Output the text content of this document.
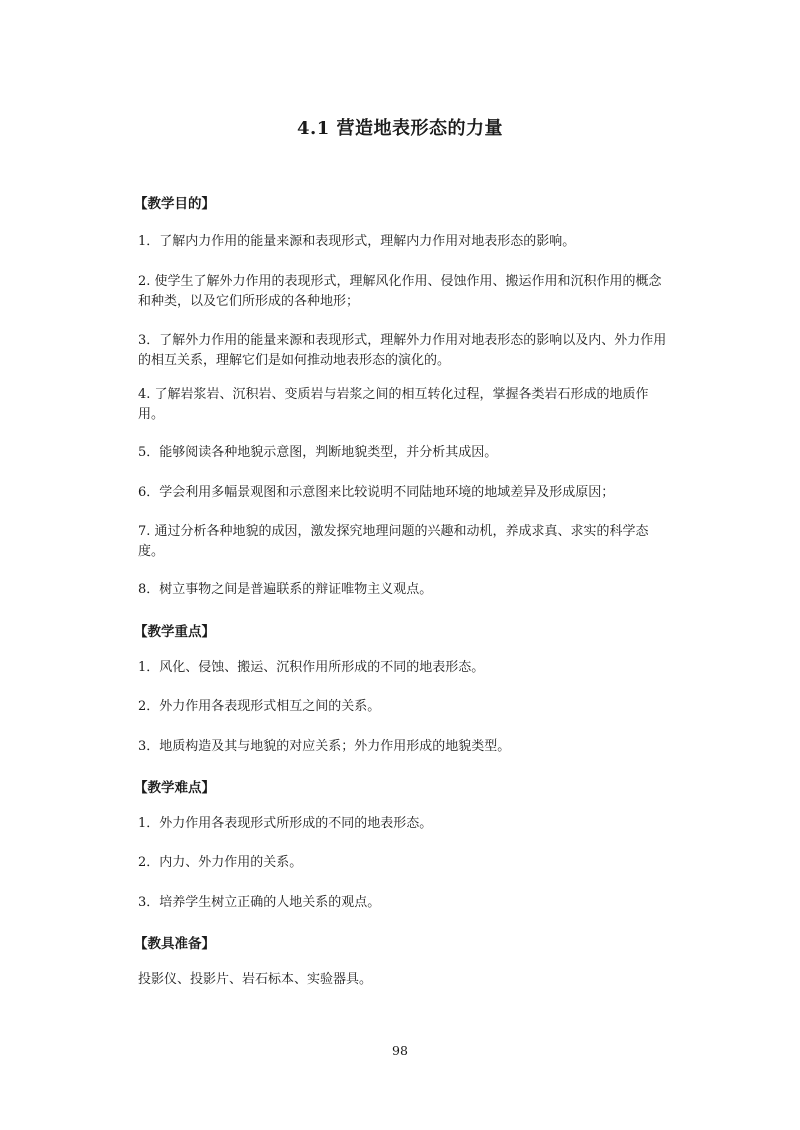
4.1 营造地表形态的力量
【教学目的】
1．了解内力作用的能量来源和表现形式，理解内力作用对地表形态的影响。
2. 使学生了解外力作用的表现形式，理解风化作用、侵蚀作用、搬运作用和沉积作用的概念和种类，以及它们所形成的各种地形；
3．了解外力作用的能量来源和表现形式，理解外力作用对地表形态的影响以及内、外力作用的相互关系，理解它们是如何推动地表形态的演化的。
4. 了解岩浆岩、沉积岩、变质岩与岩浆之间的相互转化过程，掌握各类岩石形成的地质作用。
5．能够阅读各种地貌示意图，判断地貌类型，并分析其成因。
6．学会利用多幅景观图和示意图来比较说明不同陆地环境的地域差异及形成原因；
7. 通过分析各种地貌的成因，激发探究地理问题的兴趣和动机，养成求真、求实的科学态度。
8．树立事物之间是普遍联系的辩证唯物主义观点。
【教学重点】
1．风化、侵蚀、搬运、沉积作用所形成的不同的地表形态。
2．外力作用各表现形式相互之间的关系。
3．地质构造及其与地貌的对应关系；外力作用形成的地貌类型。
【教学难点】
1．外力作用各表现形式所形成的不同的地表形态。
2．内力、外力作用的关系。
3．培养学生树立正确的人地关系的观点。
【教具准备】
投影仪、投影片、岩石标本、实验器具。
98
